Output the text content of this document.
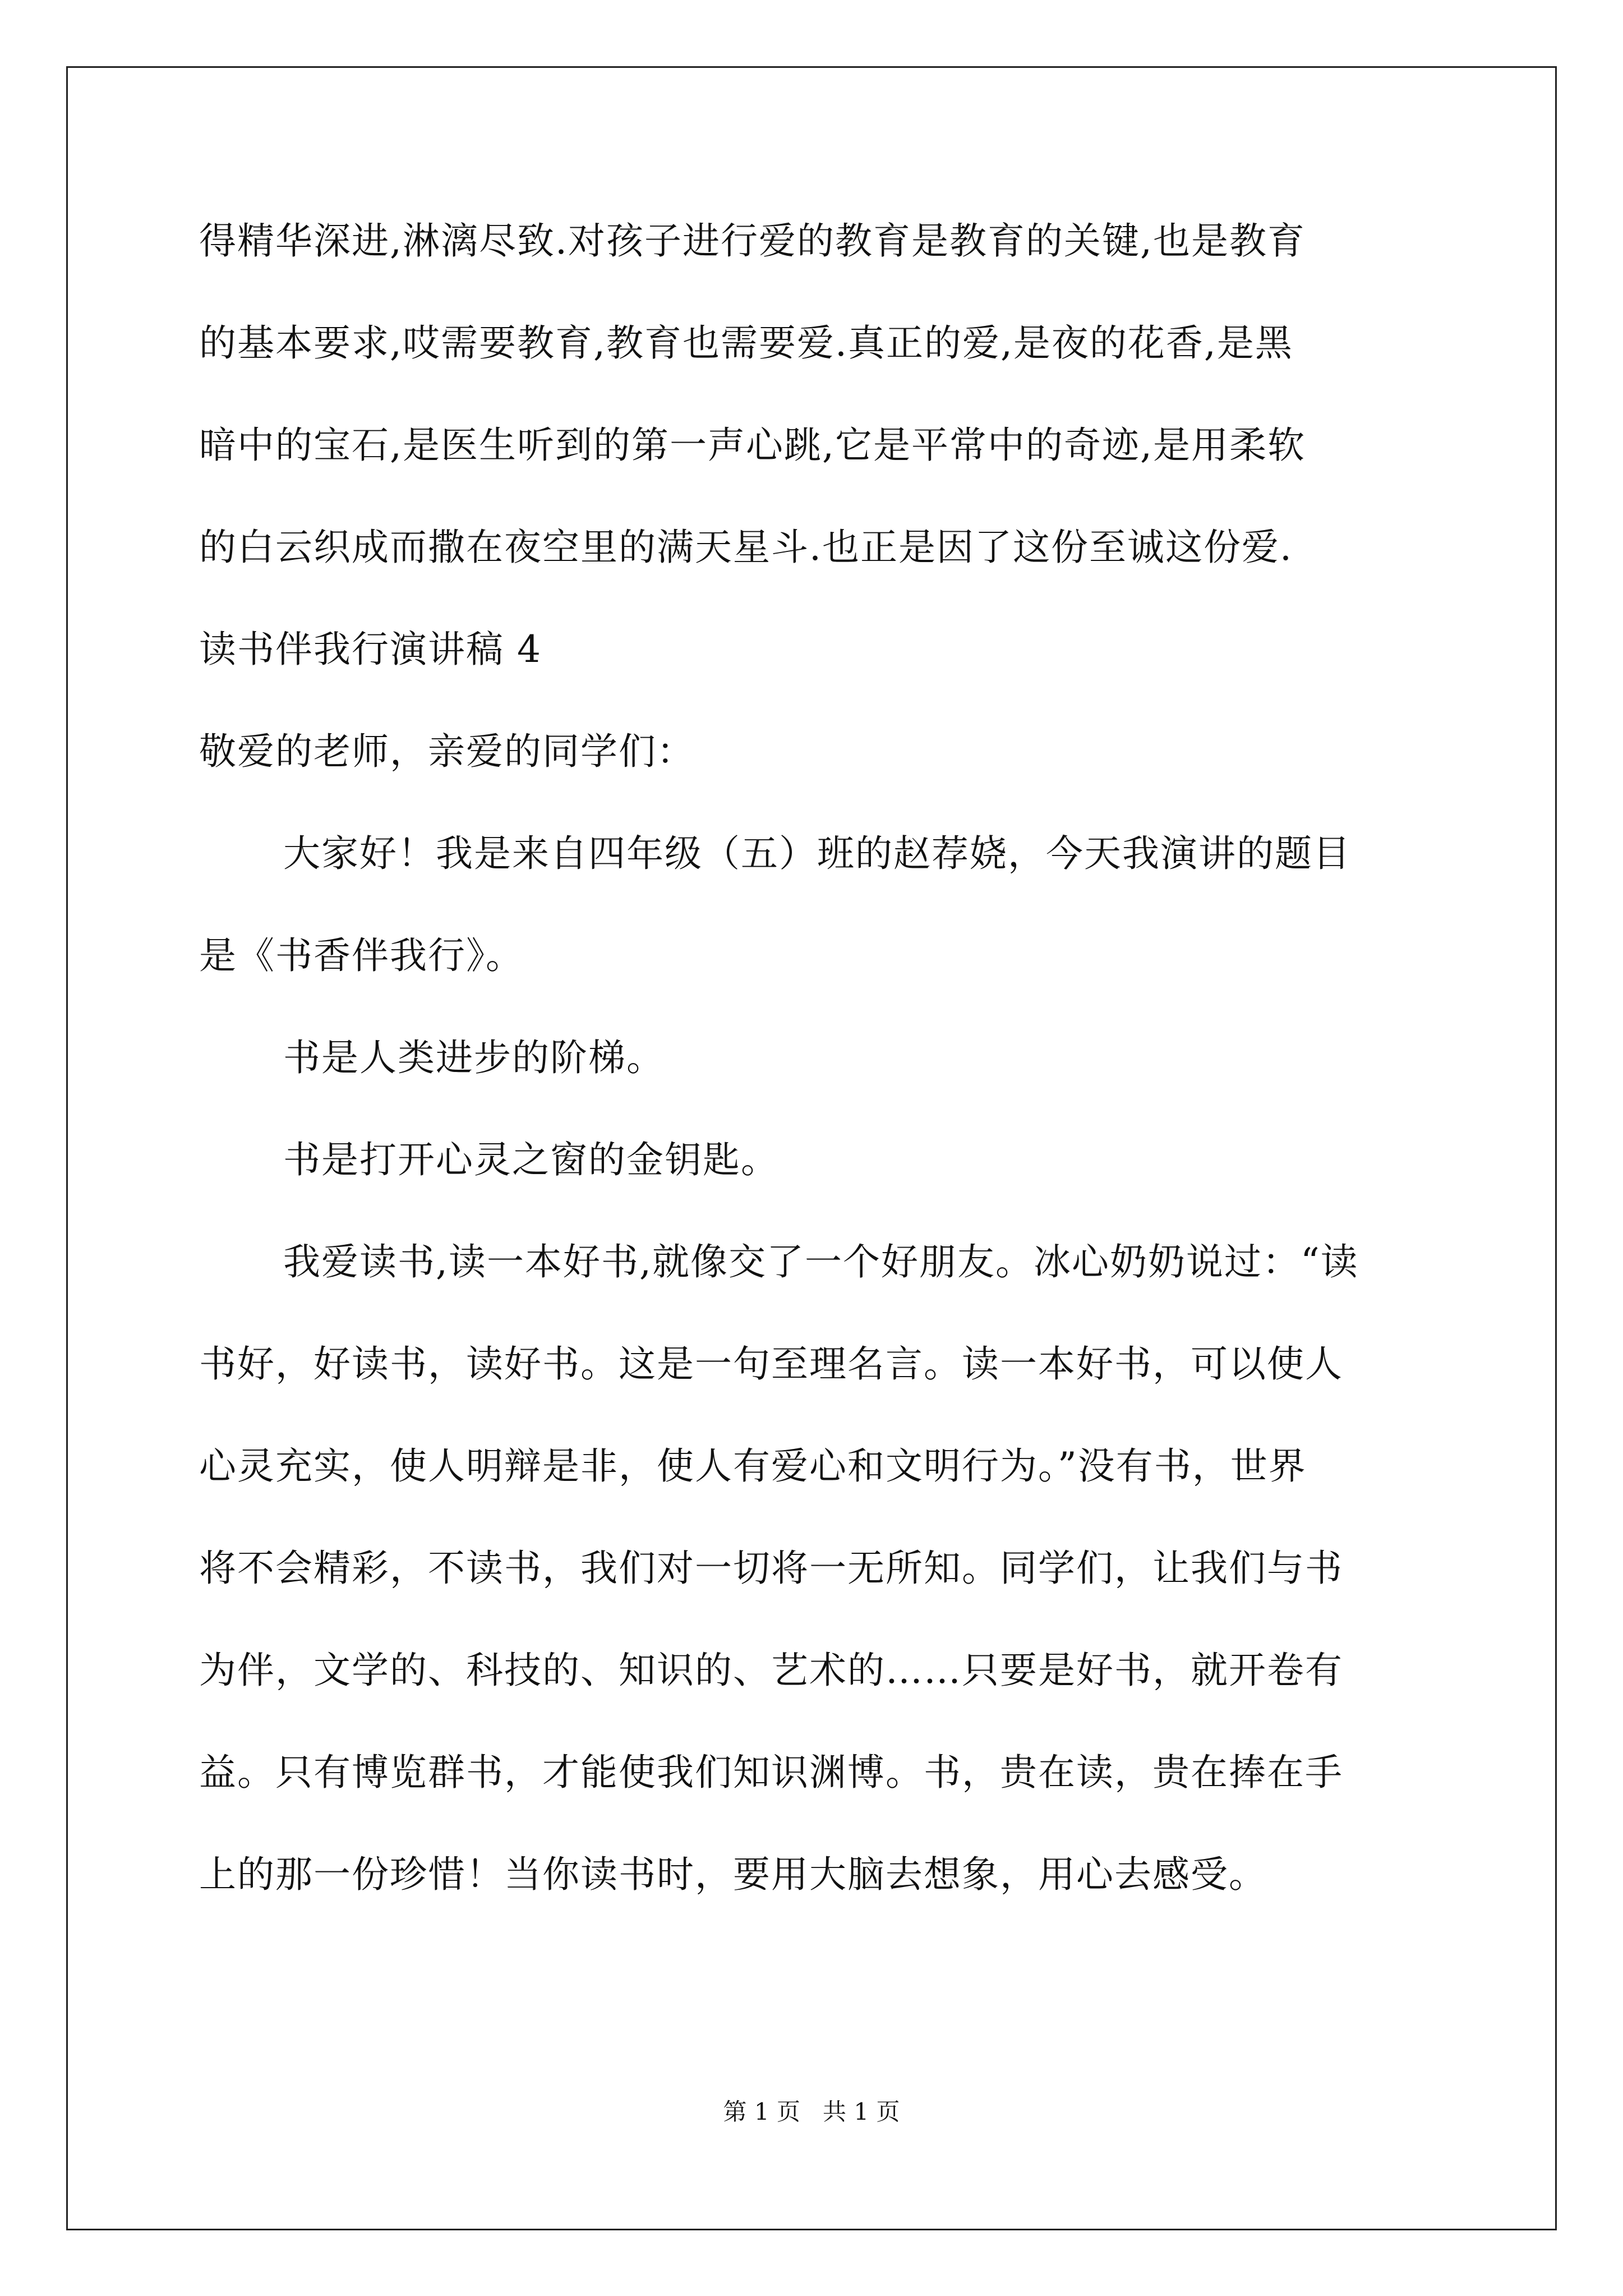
得精华深进,淋漓尽致.对孩子进行爱的教育是教育的关键,也是教育
的基本要求,哎需要教育,教育也需要爱.真正的爱,是夜的花香,是黑
暗中的宝石,是医生听到的第一声心跳,它是平常中的奇迹,是用柔软
的白云织成而撒在夜空里的满天星斗.也正是因了这份至诚这份爱.
读书伴我行演讲稿 4
敬爱的老师，亲爱的同学们：
大家好！我是来自四年级（五）班的赵荐娆，今天我演讲的题目
是《书香伴我行》。
书是人类进步的阶梯。
书是打开心灵之窗的金钥匙。
我爱读书,读一本好书,就像交了一个好朋友。冰心奶奶说过：“读
书好，好读书，读好书。这是一句至理名言。读一本好书，可以使人
心灵充实，使人明辩是非，使人有爱心和文明行为。”没有书，世界
将不会精彩，不读书，我们对一切将一无所知。同学们，让我们与书
为伴，文学的、科技的、知识的、艺术的……只要是好书，就开卷有
益。只有博览群书，才能使我们知识渊博。书，贵在读，贵在捧在手
上的那一份珍惜！当你读书时，要用大脑去想象，用心去感受。
第 1 页   共 1 页
